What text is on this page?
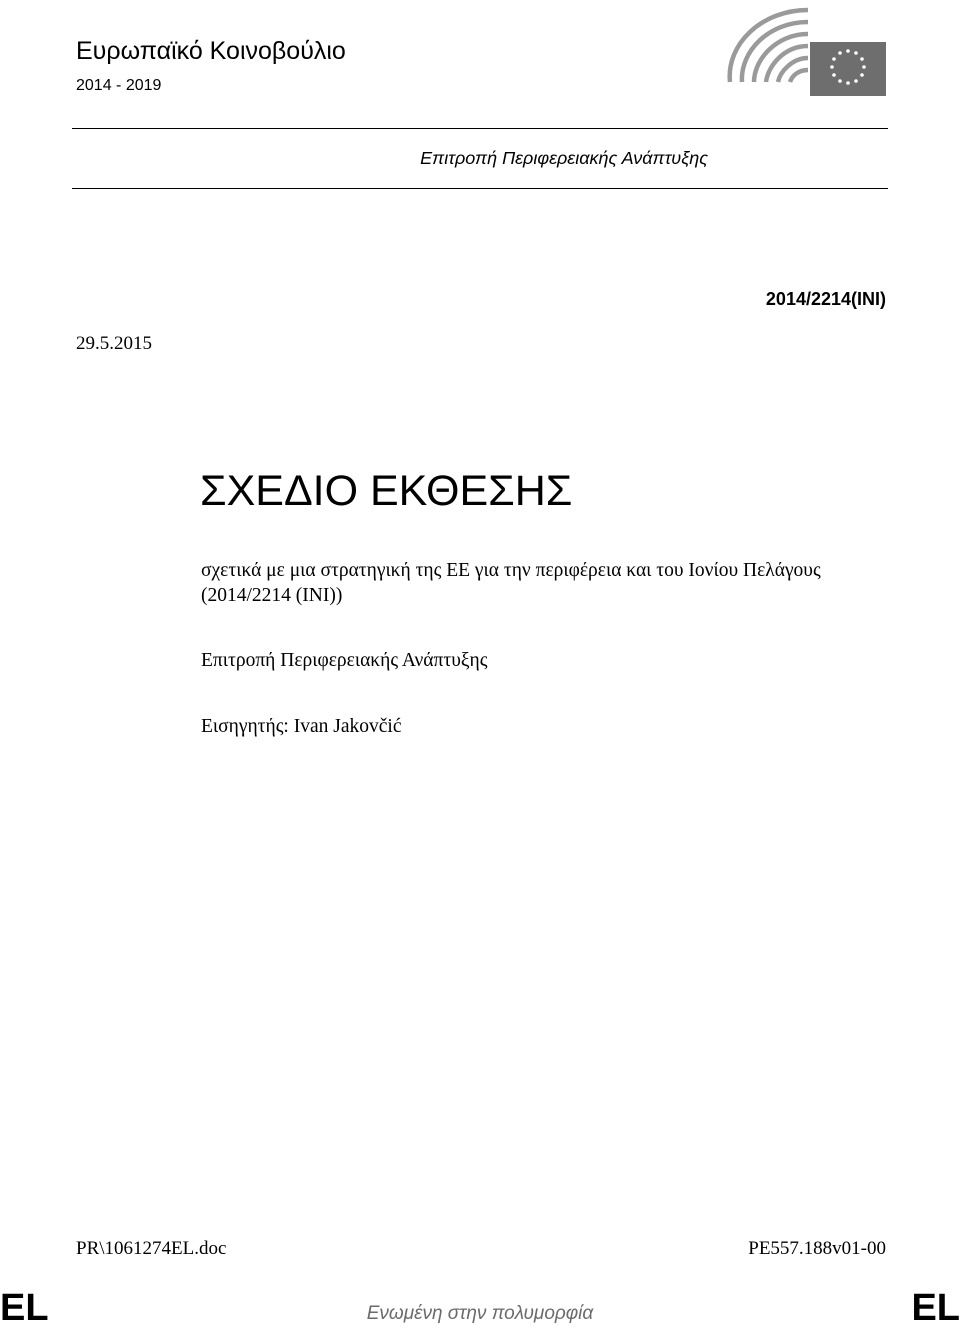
Ευρωπαϊκό Κοινοβούλιο
2014 - 2019
Επιτροπή Περιφερειακής Ανάπτυξης
2014/2214(INI)
29.5.2015
ΣΧΕΔΙΟ ΕΚΘΕΣΗΣ
σχετικά με μια στρατηγική της ΕΕ για την περιφέρεια και του Ιονίου Πελάγους
(2014/2214 (INI))
Επιτροπή Περιφερειακής Ανάπτυξης
Εισηγητής: Ivan Jakovčić
PR\1061274EL.doc	PE557.188v01-00
EL	Ενωμένη στην πολυμορφία	EL
